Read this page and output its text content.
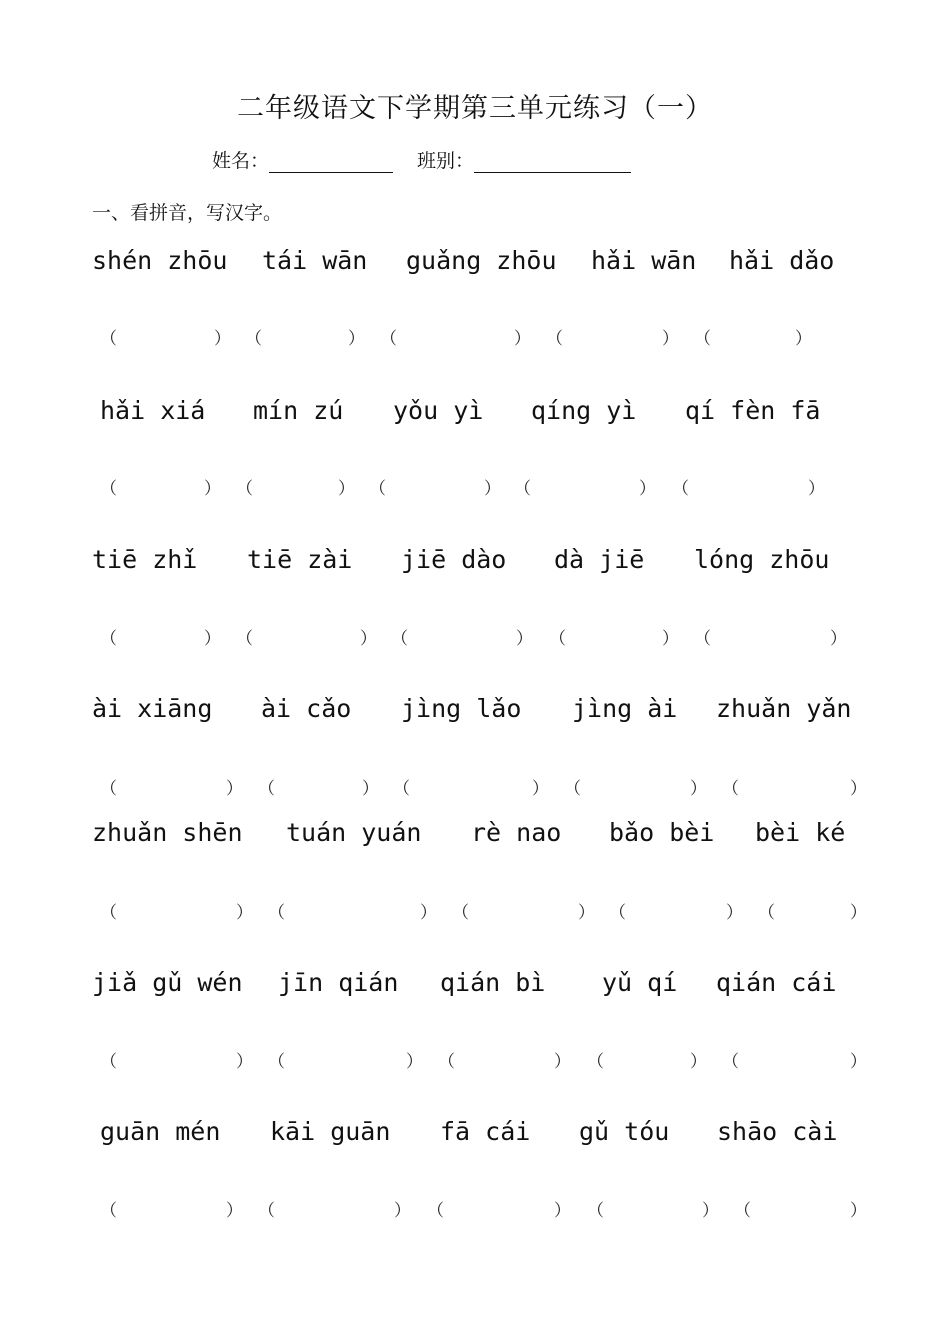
二年级语文下学期第三单元练习（一）
姓名：	班别：
一、看拼音，写汉字。
shén zhōu tái wān guǎng zhōu hǎi wān hǎi dǎo
（	） （	） （	） （	） （	）
hǎi xiá mín zú yǒu yì qíng yì qí fèn fā
（	） （	） （	） （	） （	）
tiē zhǐ tiē zài jiē dào dà jiē lóng zhōu
（	） （	） （	） （	） （	）
ài xiāng ài cǎo jìng lǎo jìng ài zhuǎn yǎn
（	） （	） （	） （	） （	）
zhuǎn shēn tuán yuán rè nao bǎo bèi bèi ké
（	） （	） （	） （	） （	）
jiǎ gǔ wén jīn qián qián bì yǔ qí qián cái
（	） （	） （	） （	） （	）
guān mén kāi guān fā cái gǔ tóu shāo cài
（	） （	） （	） （	） （	）
